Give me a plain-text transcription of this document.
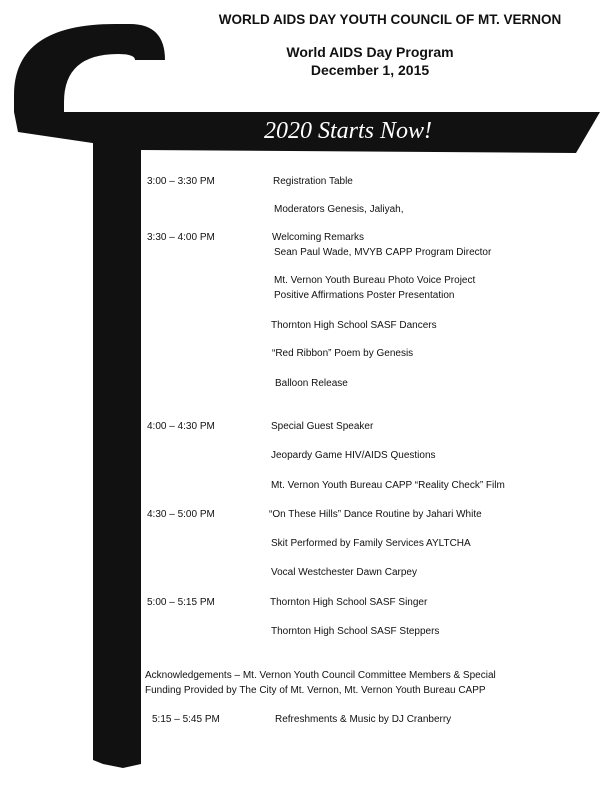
WORLD AIDS DAY YOUTH COUNCIL OF MT. VERNON
World AIDS Day Program
December 1, 2015
2020 Starts Now!
3:00 – 3:30 PM	Registration Table
Moderators Genesis, Jaliyah,
3:30 – 4:00 PM	Welcoming Remarks
Sean Paul Wade, MVYB CAPP Program Director
Mt. Vernon Youth Bureau Photo Voice Project
Positive Affirmations Poster Presentation
Thornton High School SASF Dancers
“Red Ribbon” Poem by Genesis
Balloon Release
4:00 – 4:30 PM	Special Guest Speaker
Jeopardy Game HIV/AIDS Questions
Mt. Vernon Youth Bureau CAPP “Reality Check” Film
4:30 – 5:00 PM	“On These Hills” Dance Routine by Jahari White
Skit Performed by Family Services AYLTCHA
Vocal Westchester Dawn Carpey
5:00 – 5:15 PM	Thornton High School SASF Singer
Thornton High School SASF Steppers
Acknowledgements – Mt. Vernon Youth Council Committee Members & Special
Funding Provided by The City of Mt. Vernon, Mt. Vernon Youth Bureau CAPP
5:15 – 5:45 PM	Refreshments & Music by DJ Cranberry
